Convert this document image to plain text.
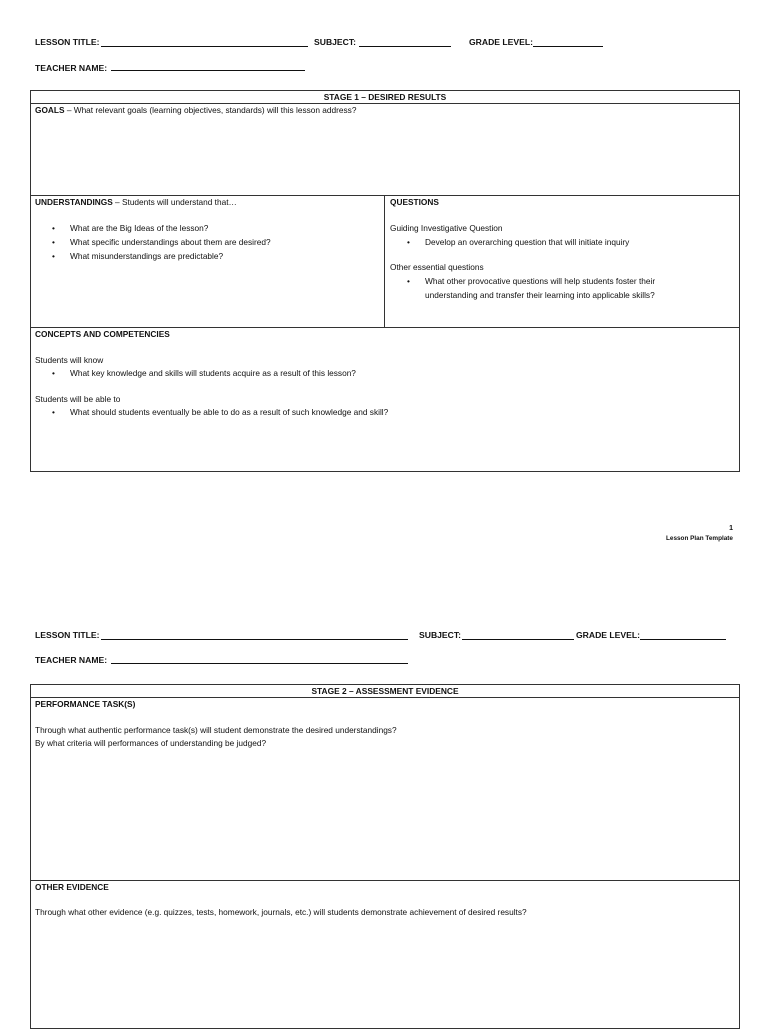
LESSON TITLE:	SUBJECT:	GRADE LEVEL:
TEACHER NAME:
STAGE 1 – DESIRED RESULTS
GOALS – What relevant goals (learning objectives, standards) will this lesson address?
UNDERSTANDINGS – Students will understand that…
• What are the Big Ideas of the lesson?
• What specific understandings about them are desired?
• What misunderstandings are predictable?
QUESTIONS
Guiding Investigative Question
• Develop an overarching question that will initiate inquiry
Other essential questions
• What other provocative questions will help students foster their
understanding and transfer their learning into applicable skills?
CONCEPTS AND COMPETENCIES
Students will know
• What key knowledge and skills will students acquire as a result of this lesson?
Students will be able to
• What should students eventually be able to do as a result of such knowledge and skill?
1
Lesson Plan Template
LESSON TITLE:	SUBJECT:	GRADE LEVEL:
TEACHER NAME:
STAGE 2 – ASSESSMENT EVIDENCE
PERFORMANCE TASK(S)
Through what authentic performance task(s) will student demonstrate the desired understandings?
By what criteria will performances of understanding be judged?
OTHER EVIDENCE
Through what other evidence (e.g. quizzes, tests, homework, journals, etc.) will students demonstrate achievement of desired results?
